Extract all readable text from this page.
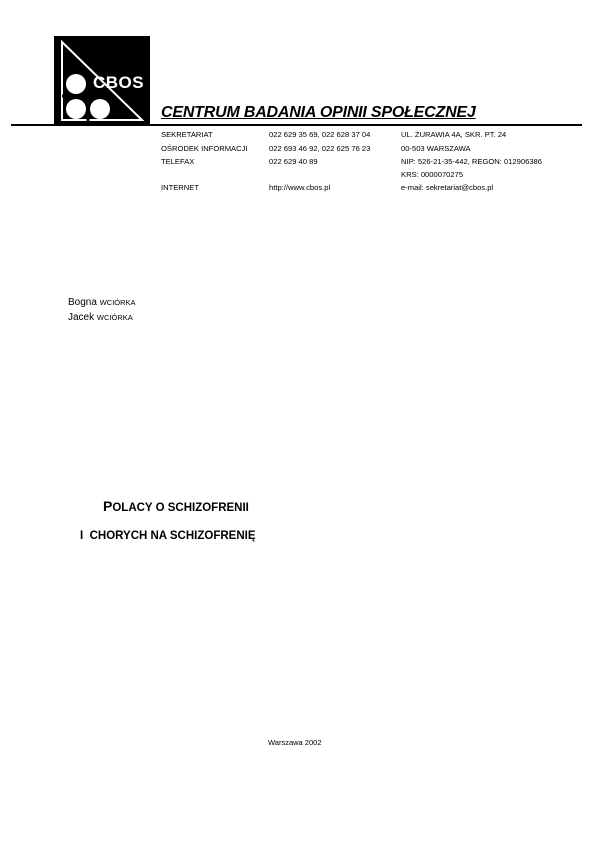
CBOS
CENTRUM BADANIA OPINII SPOŁECZNEJ
SEKRETARIAT	022 629 35 69, 022 628 37 04	UL. ŻURAWIA 4A, SKR. PT. 24
OŚRODEK INFORMACJI	022 693 46 92, 022 625 76 23	00-503 WARSZAWA
TELEFAX	022 629 40 89	NIP: 526-21-35-442, REGON: 012906386
KRS: 0000070275
INTERNET	http://www.cbos.pl	e-mail: sekretariat@cbos.pl
Bogna WCIÓRKA
Jacek WCIÓRKA
POLACY O SCHIZOFRENII
I  CHORYCH NA SCHIZOFRENIĘ
Warszawa 2002
